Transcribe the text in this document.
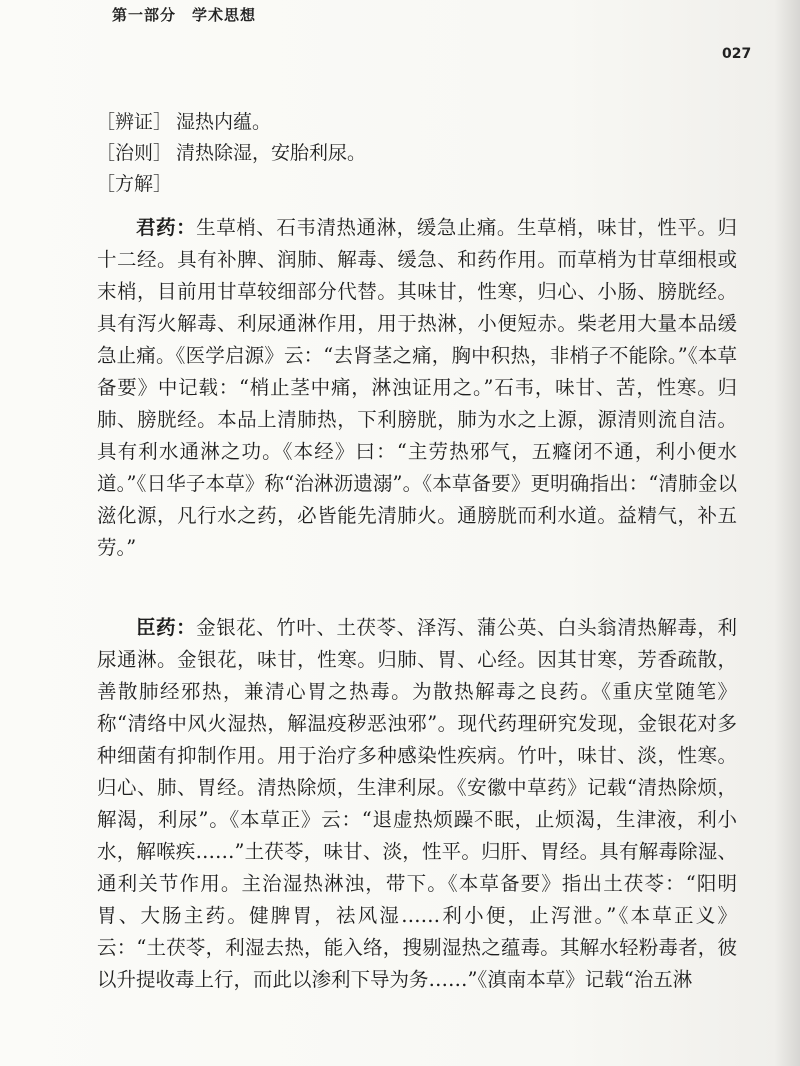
第一部分　学术思想
027
［辨证］ 湿热内蕴。
［治则］ 清热除湿，安胎利尿。
［方解］

君药：生草梢、石韦清热通淋，缓急止痛。生草梢，味甘，性平。归十二经。具有补脾、润肺、解毒、缓急、和药作用。而草梢为甘草细根或末梢，目前用甘草较细部分代替。其味甘，性寒，归心、小肠、膀胱经。具有泻火解毒、利尿通淋作用，用于热淋，小便短赤。柴老用大量本品缓急止痛。《医学启源》云：“去肾茎之痛，胸中积热，非梢子不能除。”《本草备要》中记载：“梢止茎中痛，淋浊证用之。”石韦，味甘、苦，性寒。归肺、膀胱经。本品上清肺热，下利膀胱，肺为水之上源，源清则流自洁。具有利水通淋之功。《本经》曰：“主劳热邪气，五癃闭不通，利小便水道。”《日华子本草》称“治淋沥遗溺”。《本草备要》更明确指出：“清肺金以滋化源，凡行水之药，必皆能先清肺火。通膀胱而利水道。益精气，补五劳。”

臣药：金银花、竹叶、土茯苓、泽泻、蒲公英、白头翁清热解毒，利尿通淋。金银花，味甘，性寒。归肺、胃、心经。因其甘寒，芳香疏散，善散肺经邪热，兼清心胃之热毒。为散热解毒之良药。《重庆堂随笔》称“清络中风火湿热，解温疫秽恶浊邪”。现代药理研究发现，金银花对多种细菌有抑制作用。用于治疗多种感染性疾病。竹叶，味甘、淡，性寒。归心、肺、胃经。清热除烦，生津利尿。《安徽中草药》记载“清热除烦，解渴，利尿”。《本草正》云：“退虚热烦躁不眠，止烦渴，生津液，利小水，解喉疾……”土茯苓，味甘、淡，性平。归肝、胃经。具有解毒除湿、通利关节作用。主治湿热淋浊，带下。《本草备要》指出土茯苓：“阳明胃、大肠主药。健脾胃，祛风湿……利小便，止泻泄。”《本草正义》云：“土茯苓，利湿去热，能入络，搜剔湿热之蕴毒。其解水轻粉毒者，彼以升提收毒上行，而此以渗利下导为务……”《滇南本草》记载“治五淋
